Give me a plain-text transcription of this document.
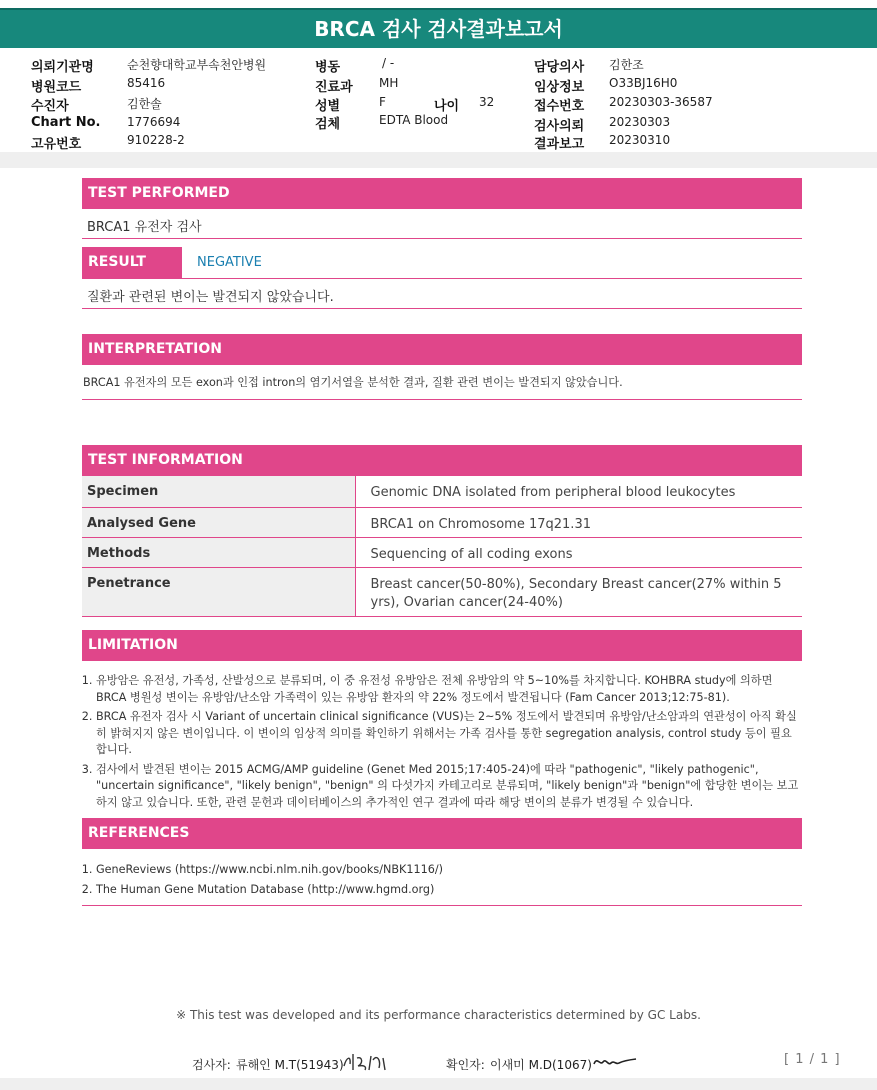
BRCA 검사 검사결과보고서
의뢰기관명	순천향대학교부속천안병원
병원코드	85416
수진자	김한솔
Chart No. 1776694
고유번호	910228-2
병동	/ -
진료과 MH
성별	F	나이 32
검체	EDTA Blood
담당의사 김한조
임상정보 O33BJ16H0
접수번호 20230303-36587
검사의뢰 20230303
결과보고 20230310
TEST PERFORMED
BRCA1 유전자 검사
RESULT	NEGATIVE
질환과 관련된 변이는 발견되지 않았습니다.
INTERPRETATION
BRCA1 유전자의 모든 exon과 인접 intron의 염기서열을 분석한 결과, 질환 관련 변이는 발견되지 않았습니다.
TEST INFORMATION
Specimen	Genomic DNA isolated from peripheral blood leukocytes
Analysed Gene	BRCA1 on Chromosome 17q21.31
Methods	Sequencing of all coding exons
Penetrance	Breast cancer(50-80%), Secondary Breast cancer(27% within 5 yrs), Ovarian cancer(24-40%)
LIMITATION
1. 유방암은 유전성, 가족성, 산발성으로 분류되며, 이 중 유전성 유방암은 전체 유방암의 약 5~10%를 차지합니다. KOHBRA study에 의하면 BRCA 병원성 변이는 유방암/난소암 가족력이 있는 유방암 환자의 약 22% 정도에서 발견됩니다 (Fam Cancer 2013;12:75-81).
2. BRCA 유전자 검사 시 Variant of uncertain clinical significance (VUS)는 2~5% 정도에서 발견되며 유방암/난소암과의 연관성이 아직 확실히 밝혀지지 않은 변이입니다. 이 변이의 임상적 의미를 확인하기 위해서는 가족 검사를 통한 segregation analysis, control study 등이 필요합니다.
3. 검사에서 발견된 변이는 2015 ACMG/AMP guideline (Genet Med 2015;17:405-24)에 따라 "pathogenic", "likely pathogenic", "uncertain significance", "likely benign", "benign" 의 다섯가지 카테고리로 분류되며, "likely benign"과 "benign"에 합당한 변이는 보고하지 않고 있습니다. 또한, 관련 문헌과 데이터베이스의 추가적인 연구 결과에 따라 해당 변이의 분류가 변경될 수 있습니다.
REFERENCES
1. GeneReviews (https://www.ncbi.nlm.nih.gov/books/NBK1116/)
2. The Human Gene Mutation Database (http://www.hgmd.org)
※ This test was developed and its performance characteristics determined by GC Labs.
검사자: 류해인 M.T(51943)	확인자: 이새미 M.D(1067)	[ 1 / 1 ]
